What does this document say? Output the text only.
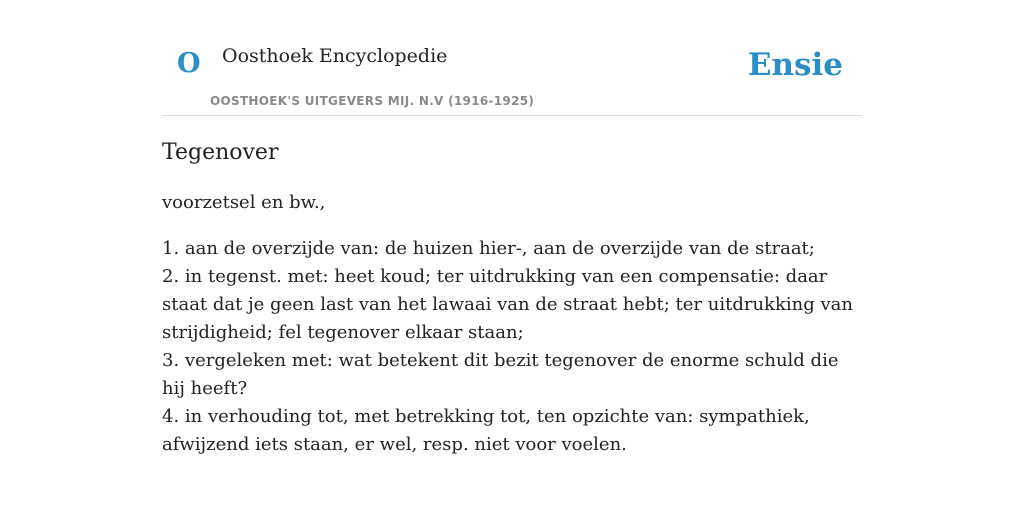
O Oosthoek Encyclopedie
OOSTHOEK'S UITGEVERS MIJ. N.V (1916-1925)
Ensie
Tegenover

voorzetsel en bw.,

1. aan de overzijde van: de huizen hier-, aan de overzijde van de straat;
2. in tegenst. met: heet koud; ter uitdrukking van een compensatie: daar staat dat je geen last van het lawaai van de straat hebt; ter uitdrukking van strijdigheid; fel tegenover elkaar staan;
3. vergeleken met: wat betekent dit bezit tegenover de enorme schuld die hij heeft?
4. in verhouding tot, met betrekking tot, ten opzichte van: sympathiek, afwijzend iets staan, er wel, resp. niet voor voelen.
